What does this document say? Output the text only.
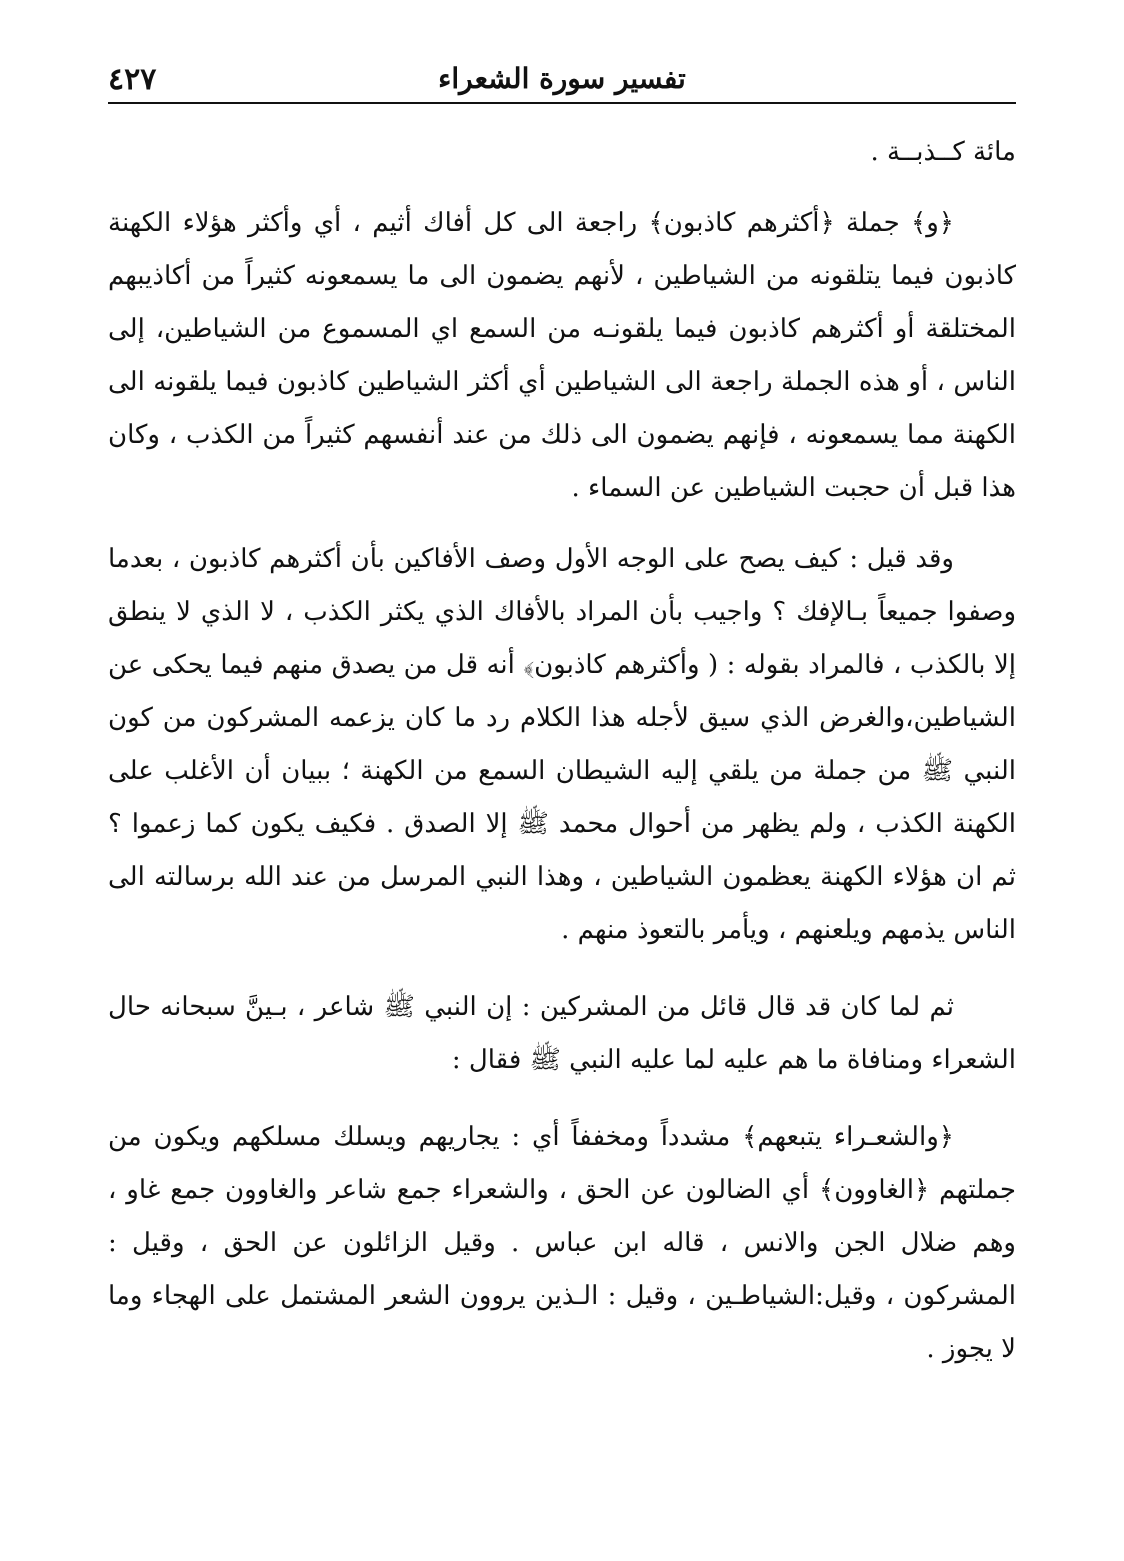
٤٢٧	تفسير سورة الشعراء

مائة كــذبــة .

﴿و﴾ جملة ﴿أكثرهم كاذبون﴾ راجعة الى كل أفاك أثيم ، أي وأكثر هؤلاء الكهنة كاذبون فيما يتلقونه من الشياطين ، لأنهم يضمون الى ما يسمعونه كثيراً من أكاذيبهم المختلقة أو أكثرهم كاذبون فيما يلقونـه من السمع اي المسموع من الشياطين، إلى الناس ، أو هذه الجملة راجعة الى الشياطين أي أكثر الشياطين كاذبون فيما يلقونه الى الكهنة مما يسمعونه ، فإنهم يضمون الى ذلك من عند أنفسهم كثيراً من الكذب ، وكان هذا قبل أن حجبت الشياطين عن السماء .

وقد قيل : كيف يصح على الوجه الأول وصف الأفاكين بأن أكثرهم كاذبون ، بعدما وصفوا جميعاً بـالإفك ؟ واجيب بأن المراد بالأفاك الذي يكثر الكذب ، لا الذي لا ينطق إلا بالكذب ، فالمراد بقوله : ( وأكثرهم كاذبون﴾ أنه قل من يصدق منهم فيما يحكى عن الشياطين،والغرض الذي سيق لأجله هذا الكلام رد ما كان يزعمه المشركون من كون النبي ﷺ من جملة من يلقي إليه الشيطان السمع من الكهنة ؛ ببيان أن الأغلب على الكهنة الكذب ، ولم يظهر من أحوال محمد ﷺ إلا الصدق . فكيف يكون كما زعموا ؟ ثم ان هؤلاء الكهنة يعظمون الشياطين ، وهذا النبي المرسل من عند الله برسالته الى الناس يذمهم ويلعنهم ، ويأمر بالتعوذ منهم .

ثم لما كان قد قال قائل من المشركين : إن النبي ﷺ شاعر ، بـينَّ سبحانه حال الشعراء ومنافاة ما هم عليه لما عليه النبي ﷺ فقال :

﴿والشعـراء يتبعهم﴾ مشدداً ومخففاً أي : يجاريهم ويسلك مسلكهم ويكون من جملتهم ﴿الغاوون﴾ أي الضالون عن الحق ، والشعراء جمع شاعر والغاوون جمع غاو ، وهم ضلال الجن والانس ، قاله ابن عباس . وقيل الزائلون عن الحق ، وقيل : المشركون ، وقيل:الشياطـين ، وقيل : الـذين يروون الشعر المشتمل على الهجاء وما لا يجوز .
